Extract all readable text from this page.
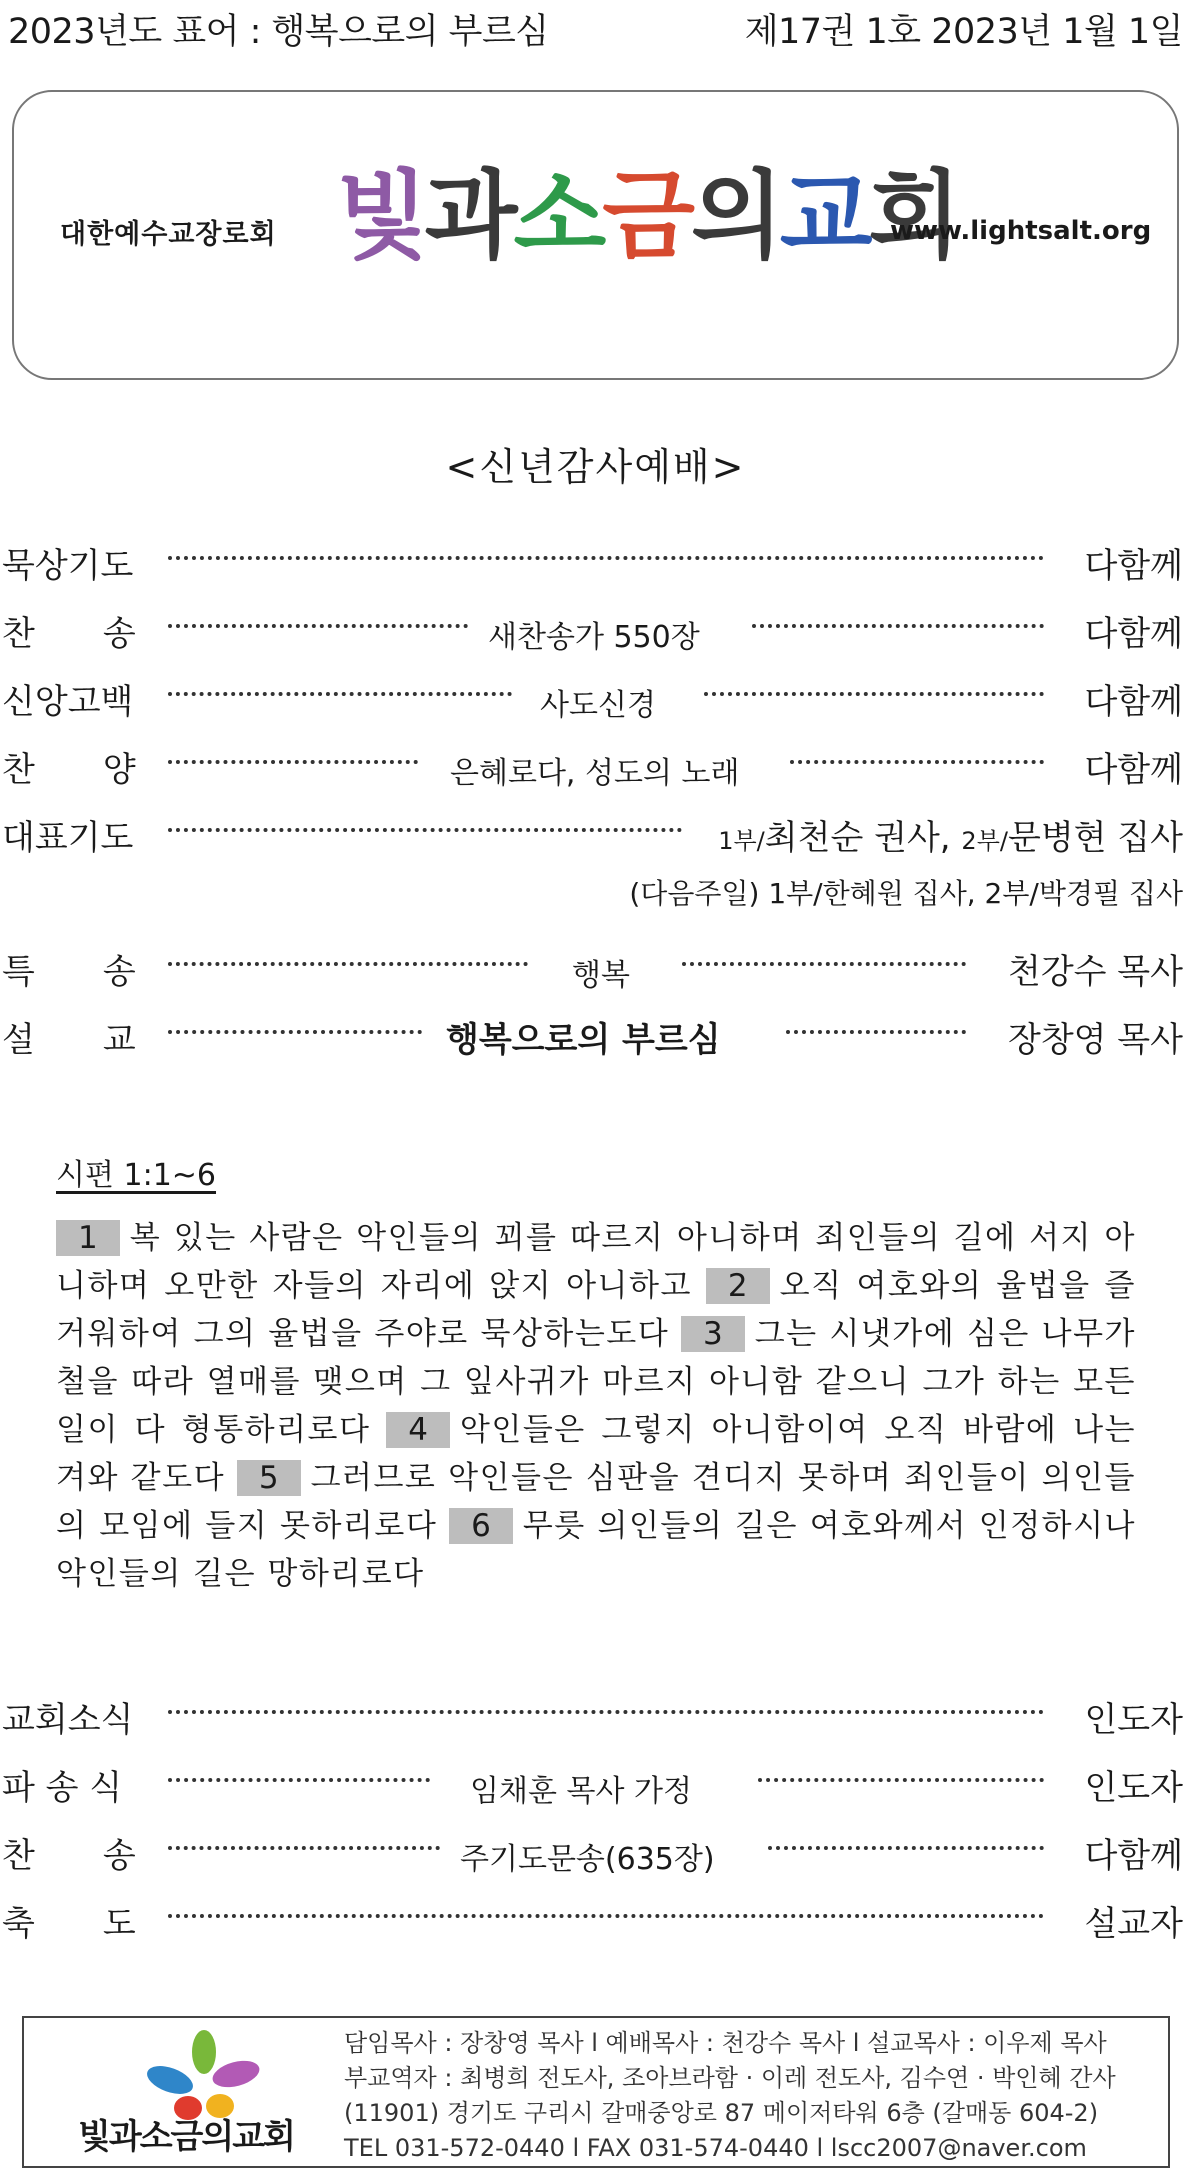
2023년도 표어 : 행복으로의 부르심	제17권 1호 2023년 1월 1일
대한예수교장로회 빛과소금의교회
www.lightsalt.org
<신년감사예배>
묵상기도	다함께
찬　　송	새찬송가 550장	다함께
신앙고백	사도신경	다함께
찬　　양	은혜로다, 성도의 노래	다함께
대표기도	1부/최천순 권사, 2부/문병현 집사
(다음주일) 1부/한혜원 집사, 2부/박경필 집사
특　　송	행복	천강수 목사
설　　교	행복으로의 부르심	장창영 목사
시편 1:1~6
1 복 있는 사람은 악인들의 꾀를 따르지 아니하며 죄인들의 길에 서지 아니하며 오만한 자들의 자리에 앉지 아니하고 2 오직 여호와의 율법을 즐거워하여 그의 율법을 주야로 묵상하는도다 3 그는 시냇가에 심은 나무가 철을 따라 열매를 맺으며 그 잎사귀가 마르지 아니함 같으니 그가 하는 모든 일이 다 형통하리로다 4 악인들은 그렇지 아니함이여 오직 바람에 나는 겨와 같도다 5 그러므로 악인들은 심판을 견디지 못하며 죄인들이 의인들의 모임에 들지 못하리로다 6 무릇 의인들의 길은 여호와께서 인정하시나 악인들의 길은 망하리로다
교회소식	인도자
파 송 식	임채훈 목사 가정	인도자
찬　　송	주기도문송(635장)	다함께
축　　도	설교자
빛과소금의교회
담임목사 : 장창영 목사 l 예배목사 : 천강수 목사 l 설교목사 : 이우제 목사
부교역자 : 최병희 전도사, 조아브라함 · 이레 전도사, 김수연 · 박인혜 간사
(11901) 경기도 구리시 갈매중앙로 87 메이저타워 6층 (갈매동 604-2)
TEL 031-572-0440 l FAX 031-574-0440 l lscc2007@naver.com
